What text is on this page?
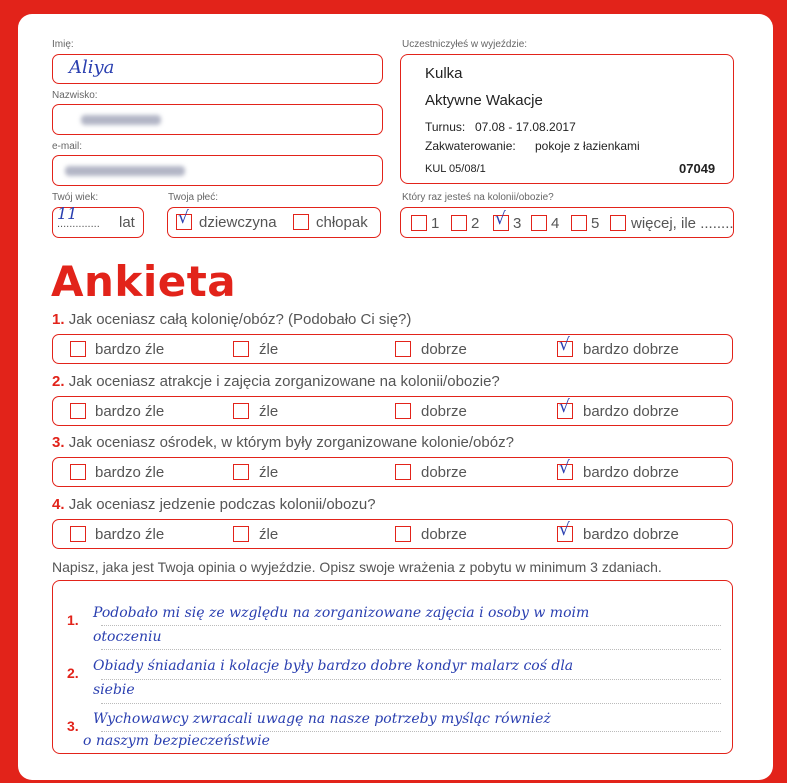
Imię:
Aliya
Nazwisko:
e-mail:
Twój wiek:
11
.............. lat
Twoja płeć:
√ dziewczyna	chłopak
Uczestniczyłeś w wyjeździe:
Kulka
Aktywne Wakacje
Turnus: 07.08 - 17.08.2017
Zakwaterowanie: pokoje z łazienkami
KUL 05/08/1	07049
Który raz jesteś na kolonii/obozie?
1 2 √ 3 4 5 więcej, ile ........
Ankieta
1. Jak oceniasz całą kolonię/obóz? (Podobało Ci się?)
bardzo źle	źle	dobrze	√ bardzo dobrze
2. Jak oceniasz atrakcje i zajęcia zorganizowane na kolonii/obozie?
bardzo źle	źle	dobrze	√ bardzo dobrze
3. Jak oceniasz ośrodek, w którym były zorganizowane kolonie/obóz?
bardzo źle	źle	dobrze	√ bardzo dobrze
4. Jak oceniasz jedzenie podczas kolonii/obozu?
bardzo źle	źle	dobrze	√ bardzo dobrze
Napisz, jaka jest Twoja opinia o wyjeździe. Opisz swoje wrażenia z pobytu w minimum 3 zdaniach.
1. Podobało mi się ze względu na zorganizowane zajęcia i osoby w moim
otoczeniu
2. Obiady śniadania i kolacje były bardzo dobre kondyr malarz coś dla
siebie
3. Wychowawcy zwracali uwagę na nasze potrzeby myśląc również
o naszym bezpieczeństwie
